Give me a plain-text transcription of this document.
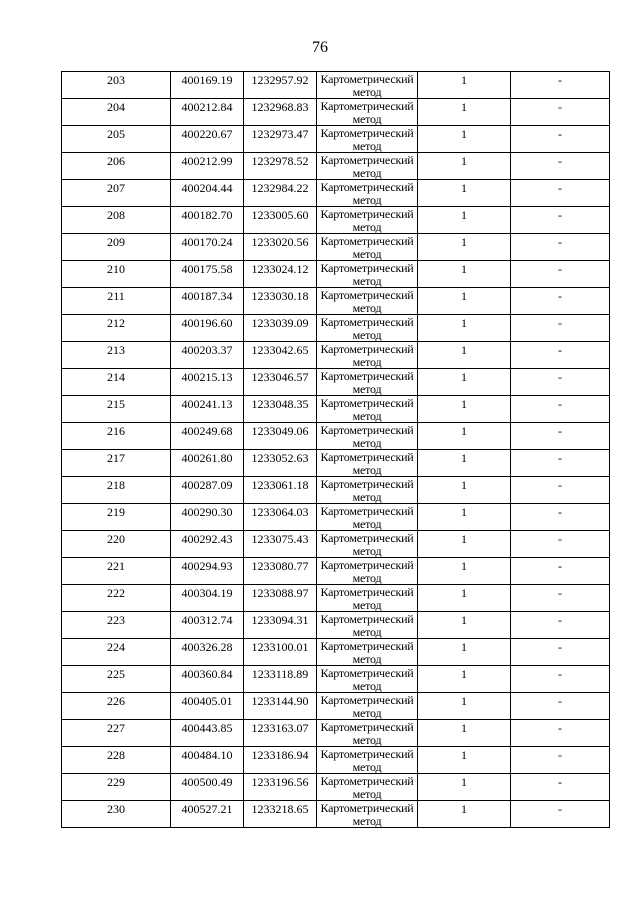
76
203	400169.19	1232957.92	Картометрический метод	1	-
204	400212.84	1232968.83	Картометрический метод	1	-
205	400220.67	1232973.47	Картометрический метод	1	-
206	400212.99	1232978.52	Картометрический метод	1	-
207	400204.44	1232984.22	Картометрический метод	1	-
208	400182.70	1233005.60	Картометрический метод	1	-
209	400170.24	1233020.56	Картометрический метод	1	-
210	400175.58	1233024.12	Картометрический метод	1	-
211	400187.34	1233030.18	Картометрический метод	1	-
212	400196.60	1233039.09	Картометрический метод	1	-
213	400203.37	1233042.65	Картометрический метод	1	-
214	400215.13	1233046.57	Картометрический метод	1	-
215	400241.13	1233048.35	Картометрический метод	1	-
216	400249.68	1233049.06	Картометрический метод	1	-
217	400261.80	1233052.63	Картометрический метод	1	-
218	400287.09	1233061.18	Картометрический метод	1	-
219	400290.30	1233064.03	Картометрический метод	1	-
220	400292.43	1233075.43	Картометрический метод	1	-
221	400294.93	1233080.77	Картометрический метод	1	-
222	400304.19	1233088.97	Картометрический метод	1	-
223	400312.74	1233094.31	Картометрический метод	1	-
224	400326.28	1233100.01	Картометрический метод	1	-
225	400360.84	1233118.89	Картометрический метод	1	-
226	400405.01	1233144.90	Картометрический метод	1	-
227	400443.85	1233163.07	Картометрический метод	1	-
228	400484.10	1233186.94	Картометрический метод	1	-
229	400500.49	1233196.56	Картометрический метод	1	-
230	400527.21	1233218.65	Картометрический метод	1	-
